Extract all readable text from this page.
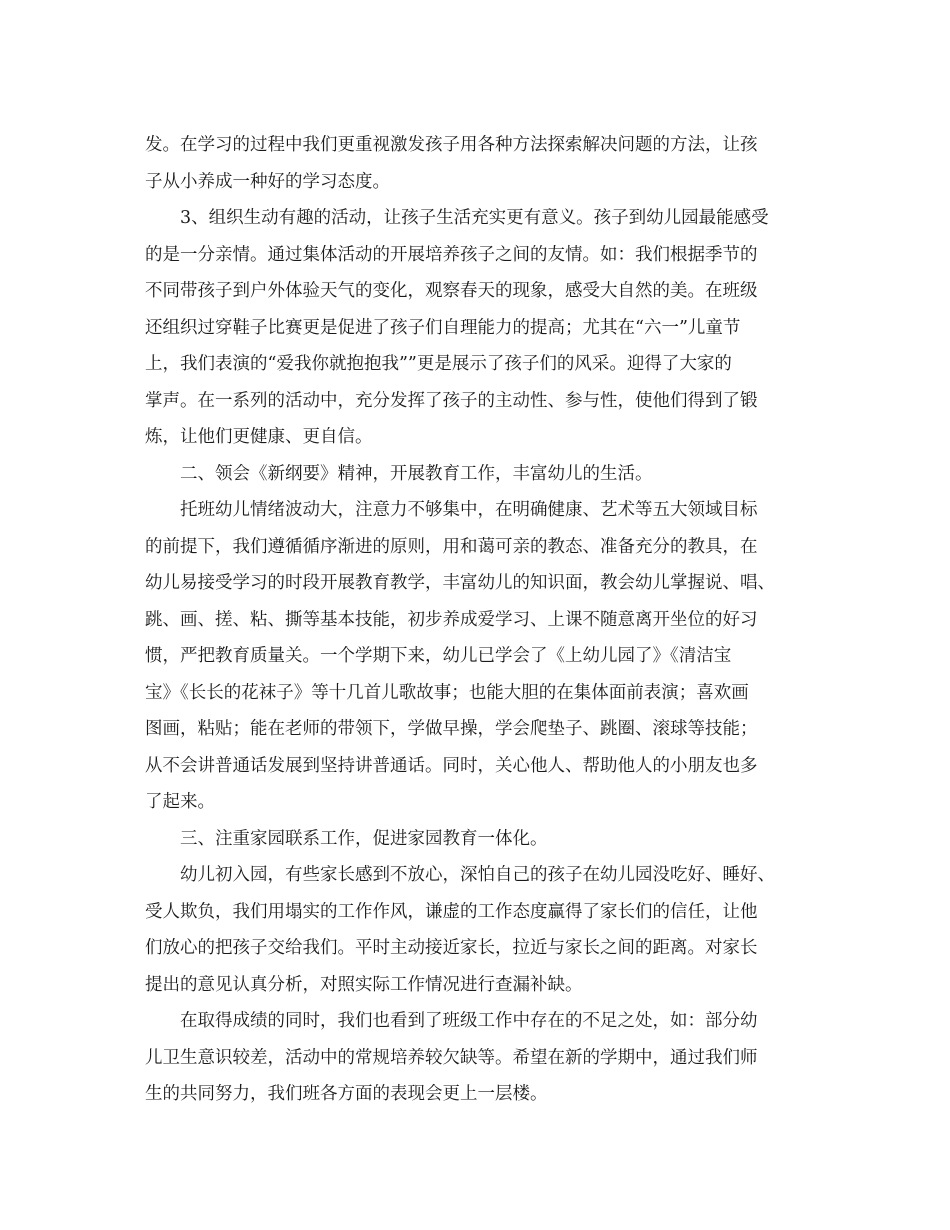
发。在学习的过程中我们更重视激发孩子用各种方法探索解决问题的方法，让孩
子从小养成一种好的学习态度。
3、组织生动有趣的活动，让孩子生活充实更有意义。孩子到幼儿园最能感受
的是一分亲情。通过集体活动的开展培养孩子之间的友情。如：我们根据季节的
不同带孩子到户外体验天气的变化，观察春天的现象，感受大自然的美。在班级
还组织过穿鞋子比赛更是促进了孩子们自理能力的提高；尤其在“六一”儿童节
上，我们表演的“爱我你就抱抱我””更是展示了孩子们的风采。迎得了大家的
掌声。在一系列的活动中，充分发挥了孩子的主动性、参与性，使他们得到了锻
炼，让他们更健康、更自信。
二、领会《新纲要》精神，开展教育工作，丰富幼儿的生活。
托班幼儿情绪波动大，注意力不够集中，在明确健康、艺术等五大领域目标
的前提下，我们遵循循序渐进的原则，用和蔼可亲的教态、准备充分的教具，在
幼儿易接受学习的时段开展教育教学，丰富幼儿的知识面，教会幼儿掌握说、唱、
跳、画、搓、粘、撕等基本技能，初步养成爱学习、上课不随意离开坐位的好习
惯，严把教育质量关。一个学期下来，幼儿已学会了《上幼儿园了》《清洁宝
宝》《长长的花袜子》等十几首儿歌故事；也能大胆的在集体面前表演；喜欢画
图画，粘贴；能在老师的带领下，学做早操，学会爬垫子、跳圈、滚球等技能；
从不会讲普通话发展到坚持讲普通话。同时，关心他人、帮助他人的小朋友也多
了起来。
三、注重家园联系工作，促进家园教育一体化。
幼儿初入园，有些家长感到不放心，深怕自己的孩子在幼儿园没吃好、睡好、
受人欺负，我们用塌实的工作作风，谦虚的工作态度赢得了家长们的信任，让他
们放心的把孩子交给我们。平时主动接近家长，拉近与家长之间的距离。对家长
提出的意见认真分析，对照实际工作情况进行查漏补缺。
在取得成绩的同时，我们也看到了班级工作中存在的不足之处，如：部分幼
儿卫生意识较差，活动中的常规培养较欠缺等。希望在新的学期中，通过我们师
生的共同努力，我们班各方面的表现会更上一层楼。
